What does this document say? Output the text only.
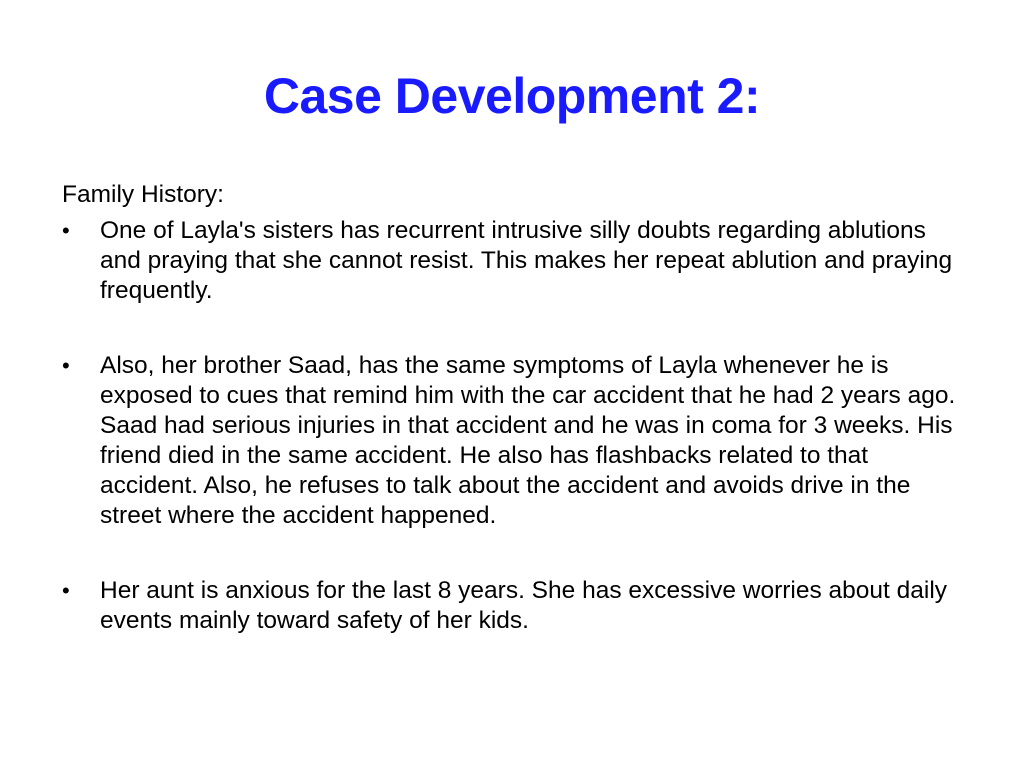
Case Development 2:

Family History:

•	One of Layla's sisters has recurrent intrusive silly doubts regarding ablutions and praying that she cannot resist. This makes her repeat ablution and praying frequently.
•	Also, her brother Saad, has the same symptoms of Layla whenever he is exposed to cues that remind him with the car accident that he had 2 years ago. Saad had serious injuries in that accident and he was in coma for 3 weeks. His friend died in the same accident. He also has flashbacks related to that accident. Also, he refuses to talk about the accident and avoids drive in the street where the accident happened.
•	Her aunt is anxious for the last 8 years. She has excessive worries about daily events mainly toward safety of her kids.
